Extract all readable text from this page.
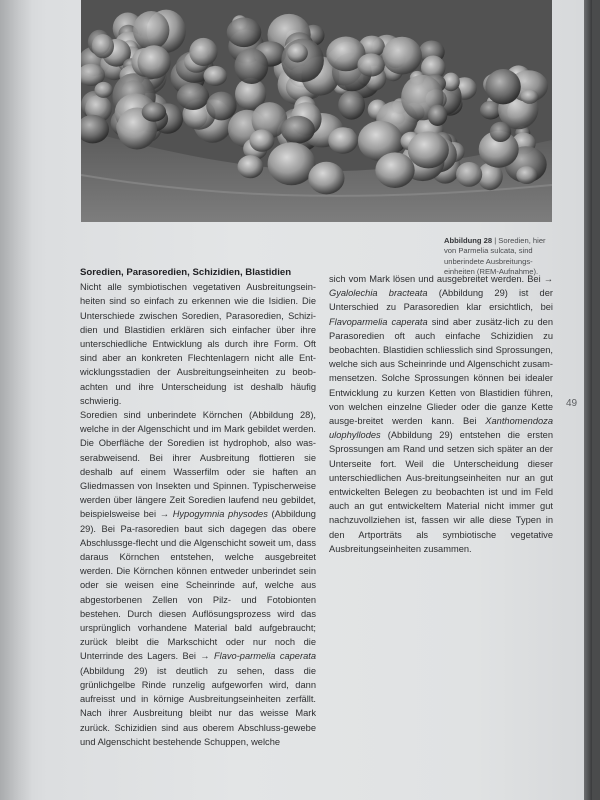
Abbildung 28 | Soredien, hier von Parmelia sulcata, sind unberindete Ausbreitungs-einheiten (REM-Aufnahme).
49

Soredien, Parasoredien, Schizidien, Blastidien

Nicht alle symbiotischen vegetativen Ausbreitungsein-heiten sind so einfach zu erkennen wie die Isidien. Die Unterschiede zwischen Soredien, Parasoredien, Schizi-dien und Blastidien erklären sich einfacher über ihre unterschiedliche Entwicklung als durch ihre Form. Oft sind aber an konkreten Flechtenlagern nicht alle Ent-wicklungsstadien der Ausbreitungseinheiten zu beob-achten und ihre Unterscheidung ist deshalb häufig schwierig.

Soredien sind unberindete Körnchen (Abbildung 28), welche in der Algenschicht und im Mark gebildet werden. Die Oberfläche der Soredien ist hydrophob, also was-serabweisend. Bei ihrer Ausbreitung flottieren sie deshalb auf einem Wasserfilm oder sie haften an Gliedmassen von Insekten und Spinnen. Typischerweise werden über längere Zeit Soredien laufend neu gebildet, beispielsweise bei → Hypogymnia physodes (Abbildung 29). Bei Pa-rasoredien baut sich dagegen das obere Abschlussge-flecht und die Algenschicht soweit um, dass daraus Körnchen entstehen, welche ausgebreitet werden. Die Körnchen können entweder unberindet sein oder sie weisen eine Scheinrinde auf, welche aus abgestorbenen Zellen von Pilz- und Fotobionten bestehen. Durch diesen Auflösungsprozess wird das ursprünglich vorhandene Material bald aufgebraucht; zurück bleibt die Markschicht oder nur noch die Unterrinde des Lagers. Bei → Flavo-parmelia caperata (Abbildung 29) ist deutlich zu sehen, dass die grünlichgelbe Rinde runzelig aufgeworfen wird, dann aufreisst und in körnige Ausbreitungseinheiten zerfällt. Nach ihrer Ausbreitung bleibt nur das weisse Mark zurück. Schizidien sind aus oberem Abschluss-gewebe und Algenschicht bestehende Schuppen, welche

sich vom Mark lösen und ausgebreitet werden. Bei → Gyalolechia bracteata (Abbildung 29) ist der Unterschied zu Parasoredien klar ersichtlich, bei Flavoparmelia caperata sind aber zusätz-lich zu den Parasoredien oft auch einfache Schizidien zu beobachten. Blastidien schliesslich sind Sprossungen, welche sich aus Scheinrinde und Algenschicht zusam-mensetzen. Solche Sprossungen können bei idealer Entwicklung zu kurzen Ketten von Blastidien führen, von welchen einzelne Glieder oder die ganze Kette ausge-breitet werden kann. Bei Xanthomendoza ulophyllodes (Abbildung 29) entstehen die ersten Sprossungen am Rand und setzen sich später an der Unterseite fort. Weil die Unterscheidung dieser unterschiedlichen Aus-breitungseinheiten nur an gut entwickelten Belegen zu beobachten ist und im Feld auch an gut entwickeltem Material nicht immer gut nachzuvollziehen ist, fassen wir alle diese Typen in den Artporträts als symbiotische vegetative Ausbreitungseinheiten zusammen.
